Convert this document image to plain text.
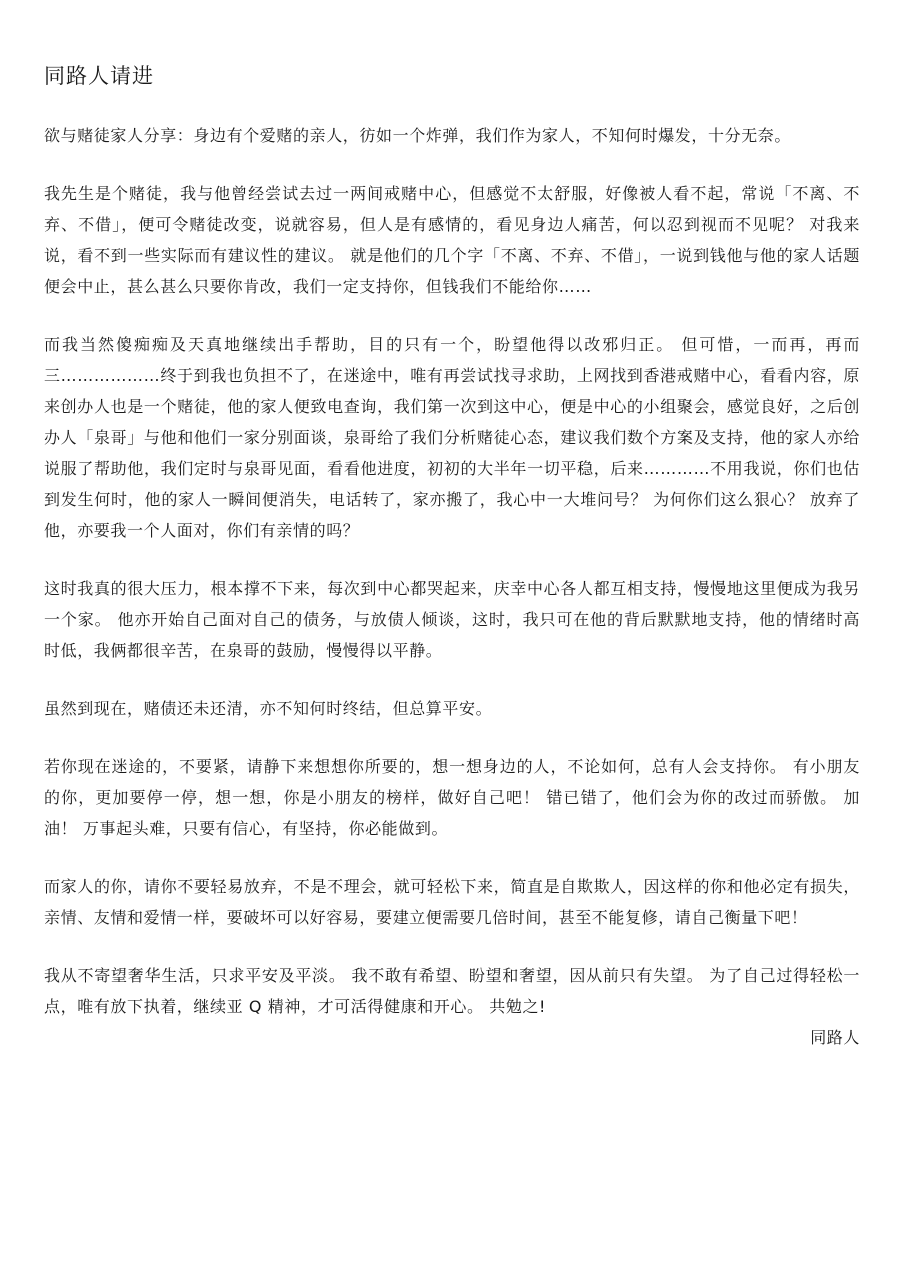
同路人请进

欲与赌徒家人分享：身边有个爱赌的亲人，彷如一个炸弹，我们作为家人，不知何时爆发，十分无奈。

我先生是个赌徒，我与他曾经尝试去过一两间戒赌中心，但感觉不太舒服，好像被人看不起，常说「不离、不弃、不借」，便可令赌徒改变，说就容易，但人是有感情的，看见身边人痛苦，何以忍到视而不见呢？ 对我来说，看不到一些实际而有建议性的建议。 就是他们的几个字「不离、不弃、不借」，一说到钱他与他的家人话题便会中止，甚么甚么只要你肯改，我们一定支持你，但钱我们不能给你……

而我当然傻痴痴及天真地继续出手帮助，目的只有一个，盼望他得以改邪归正。 但可惜，一而再，再而三………………终于到我也负担不了，在迷途中，唯有再尝试找寻求助，上网找到香港戒赌中心，看看内容，原来创办人也是一个赌徒，他的家人便致电查询，我们第一次到这中心，便是中心的小组聚会，感觉良好，之后创办人「泉哥」与他和他们一家分别面谈，泉哥给了我们分析赌徒心态，建议我们数个方案及支持，他的家人亦给说服了帮助他，我们定时与泉哥见面，看看他进度，初初的大半年一切平稳，后来…………不用我说，你们也估到发生何时，他的家人一瞬间便消失，电话转了，家亦搬了，我心中一大堆问号？ 为何你们这么狠心？ 放弃了他，亦要我一个人面对，你们有亲情的吗？

这时我真的很大压力，根本撑不下来，每次到中心都哭起来，庆幸中心各人都互相支持，慢慢地这里便成为我另一个家。 他亦开始自己面对自己的债务，与放债人倾谈，这时，我只可在他的背后默默地支持，他的情绪时高时低，我俩都很辛苦，在泉哥的鼓励，慢慢得以平静。

虽然到现在，赌债还未还清，亦不知何时终结，但总算平安。

若你现在迷途的，不要紧，请静下来想想你所要的，想一想身边的人，不论如何，总有人会支持你。 有小朋友的你，更加要停一停，想一想，你是小朋友的榜样，做好自己吧！ 错已错了，他们会为你的改过而骄傲。 加油！ 万事起头难，只要有信心，有坚持，你必能做到。

而家人的你，请你不要轻易放弃，不是不理会，就可轻松下来，简直是自欺欺人，因这样的你和他必定有损失，亲情、友情和爱情一样，要破坏可以好容易，要建立便需要几倍时间，甚至不能复修，请自己衡量下吧！

我从不寄望奢华生活，只求平安及平淡。 我不敢有希望、盼望和奢望，因从前只有失望。 为了自己过得轻松一点，唯有放下执着，继续亚 Q 精神，才可活得健康和开心。 共勉之!

同路人
